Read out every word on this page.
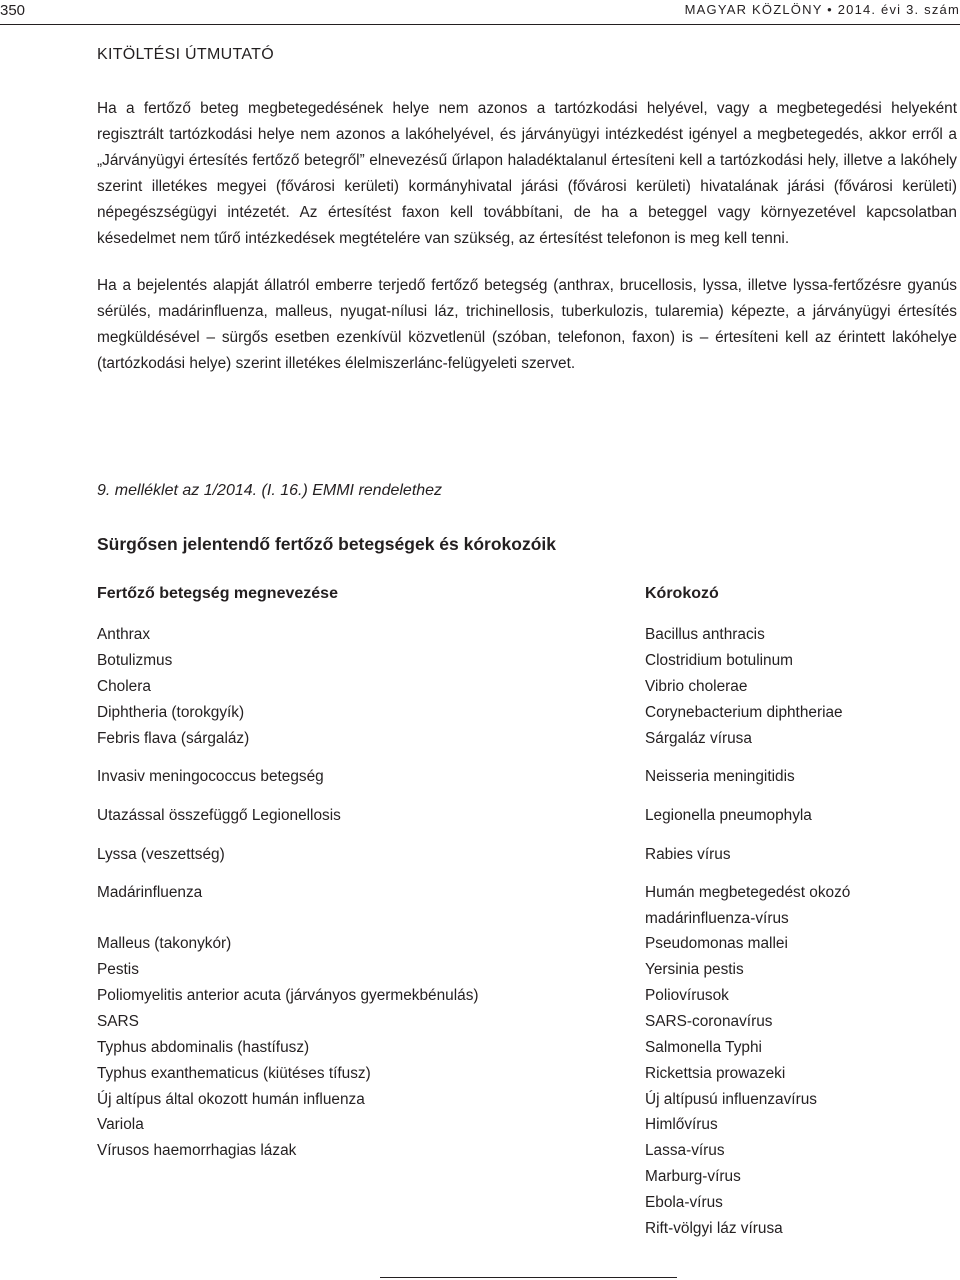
350	MAGYAR KÖZLÖNY • 2014. évi 3. szám
KITÖLTÉSI ÚTMUTATÓ

Ha a fertőző beteg megbetegedésének helye nem azonos a tartózkodási helyével, vagy a megbetegedési helyeként regisztrált tartózkodási helye nem azonos a lakóhelyével, és járványügyi intézkedést igényel a megbetegedés, akkor erről a „Járványügyi értesítés fertőző betegről” elnevezésű űrlapon haladéktalanul értesíteni kell a tartózkodási hely, illetve a lakóhely szerint illetékes megyei (fővárosi kerületi) kormányhivatal járási (fővárosi kerületi) hivatalának járási (fővárosi kerületi) népegészségügyi intézetét. Az értesítést faxon kell továbbítani, de ha a beteggel vagy környezetével kapcsolatban késedelmet nem tűrő intézkedések megtételére van szükség, az értesítést telefonon is meg kell tenni.

Ha a bejelentés alapját állatról emberre terjedő fertőző betegség (anthrax, brucellosis, lyssa, illetve lyssa-fertőzésre gyanús sérülés, madárinfluenza, malleus, nyugat-nílusi láz, trichinellosis, tuberkulozis, tularemia) képezte, a járványügyi értesítés megküldésével – sürgős esetben ezenkívül közvetlenül (szóban, telefonon, faxon) is – értesíteni kell az érintett lakóhelye (tartózkodási helye) szerint illetékes élelmiszerlánc-felügyeleti szervet.

9. melléklet az 1/2014. (I. 16.) EMMI rendelethez
Sürgősen jelentendő fertőző betegségek és kórokozóik
Fertőző betegség megnevezése	Kórokozó
Anthrax	Bacillus anthracis
Botulizmus	Clostridium botulinum
Cholera	Vibrio cholerae
Diphtheria (torokgyík)	Corynebacterium diphtheriae
Febris flava (sárgaláz)	Sárgaláz vírusa
Invasiv meningococcus betegség	Neisseria meningitidis
Utazással összefüggő Legionellosis	Legionella pneumophyla
Lyssa (veszettség)	Rabies vírus
Madárinfluenza	Humán megbetegedést okozó madárinfluenza-vírus
Malleus (takonykór)	Pseudomonas mallei
Pestis	Yersinia pestis
Poliomyelitis anterior acuta (járványos gyermekbénulás)	Poliovírusok
SARS	SARS-coronavírus
Typhus abdominalis (hastífusz)	Salmonella Typhi
Typhus exanthematicus (kiütéses tífusz)	Rickettsia prowazeki
Új altípus által okozott humán influenza	Új altípusú influenzavírus
Variola	Himlővírus
Vírusos haemorrhagias lázak	Lassa-vírus
Marburg-vírus
Ebola-vírus
Rift-völgyi láz vírusa
